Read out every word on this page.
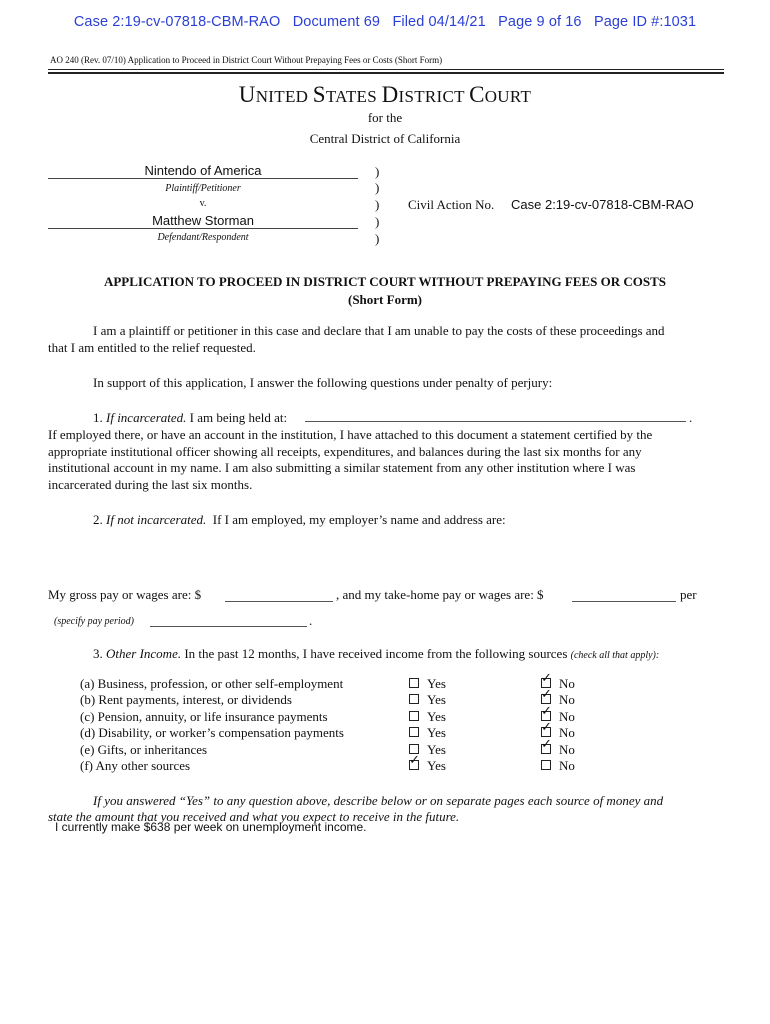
Case 2:19-cv-07818-CBM-RAO   Document 69   Filed 04/14/21   Page 9 of 16   Page ID #:1031
AO 240 (Rev. 07/10) Application to Proceed in District Court Without Prepaying Fees or Costs (Short Form)
UNITED STATES DISTRICT COURT
for the
Central District of California
Nintendo of America
Plaintiff/Petitioner
v.
Matthew Storman
Defendant/Respondent
)
)
)
)
)
Civil Action No. Case 2:19-cv-07818-CBM-RAO
APPLICATION TO PROCEED IN DISTRICT COURT WITHOUT PREPAYING FEES OR COSTS
(Short Form)
I am a plaintiff or petitioner in this case and declare that I am unable to pay the costs of these proceedings and
that I am entitled to the relief requested.
In support of this application, I answer the following questions under penalty of perjury:
1. If incarcerated. I am being held at:	.
If employed there, or have an account in the institution, I have attached to this document a statement certified by the
appropriate institutional officer showing all receipts, expenditures, and balances during the last six months for any
institutional account in my name. I am also submitting a similar statement from any other institution where I was
incarcerated during the last six months.
2. If not incarcerated. If I am employed, my employer’s name and address are:
My gross pay or wages are: $	, and my take-home pay or wages are: $	per
(specify pay period)	.
3. Other Income. In the past 12 months, I have received income from the following sources (check all that apply):
(a) Business, profession, or other self-employment	Yes ✓	No
(b) Rent payments, interest, or dividends	Yes ✓	No
(c) Pension, annuity, or life insurance payments	Yes ✓	No
(d) Disability, or worker’s compensation payments	Yes ✓	No
(e) Gifts, or inheritances	Yes ✓	No
(f) Any other sources ✓	Yes	No
If you answered “Yes” to any question above, describe below or on separate pages each source of money and
state the amount that you received and what you expect to receive in the future.
I currently make $638 per week on unemployment income.
